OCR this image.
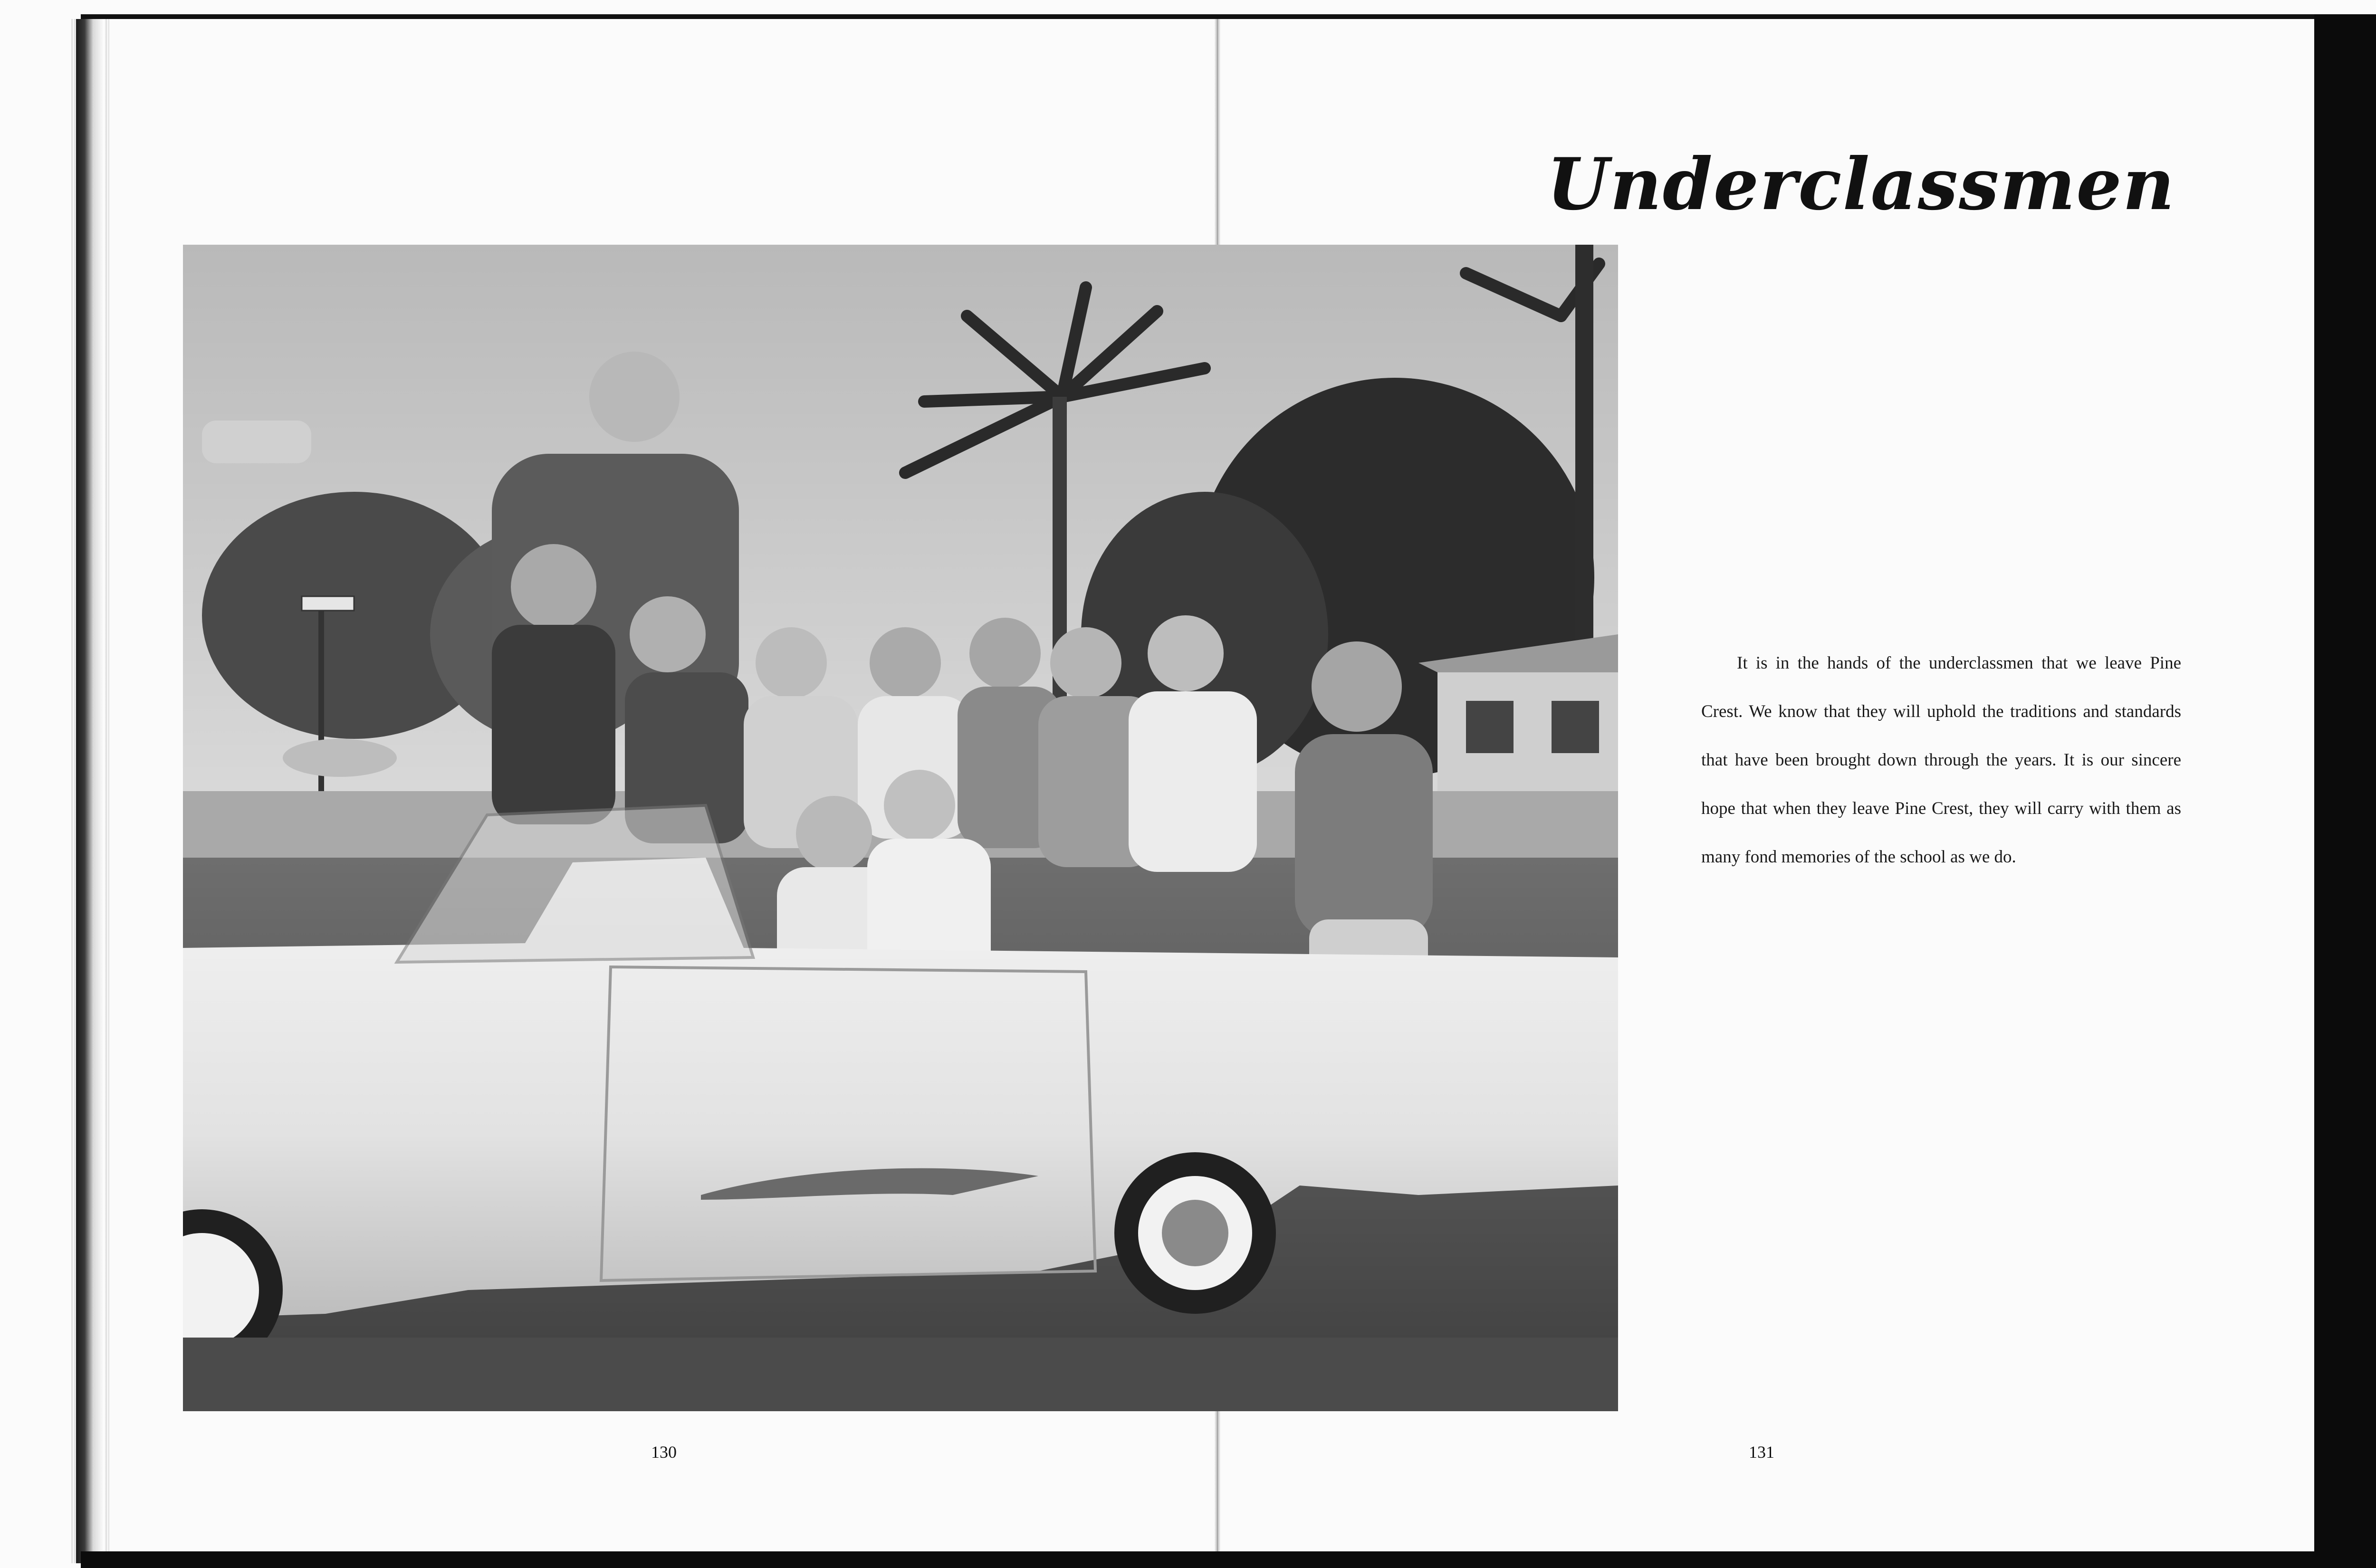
Underclassmen

It is in the hands of the underclassmen that we leave Pine Crest. We know that they will uphold the traditions and standards that have been brought down through the years. It is our sincere hope that when they leave Pine Crest, they will carry with them as many fond memories of the school as we do.

130	131
